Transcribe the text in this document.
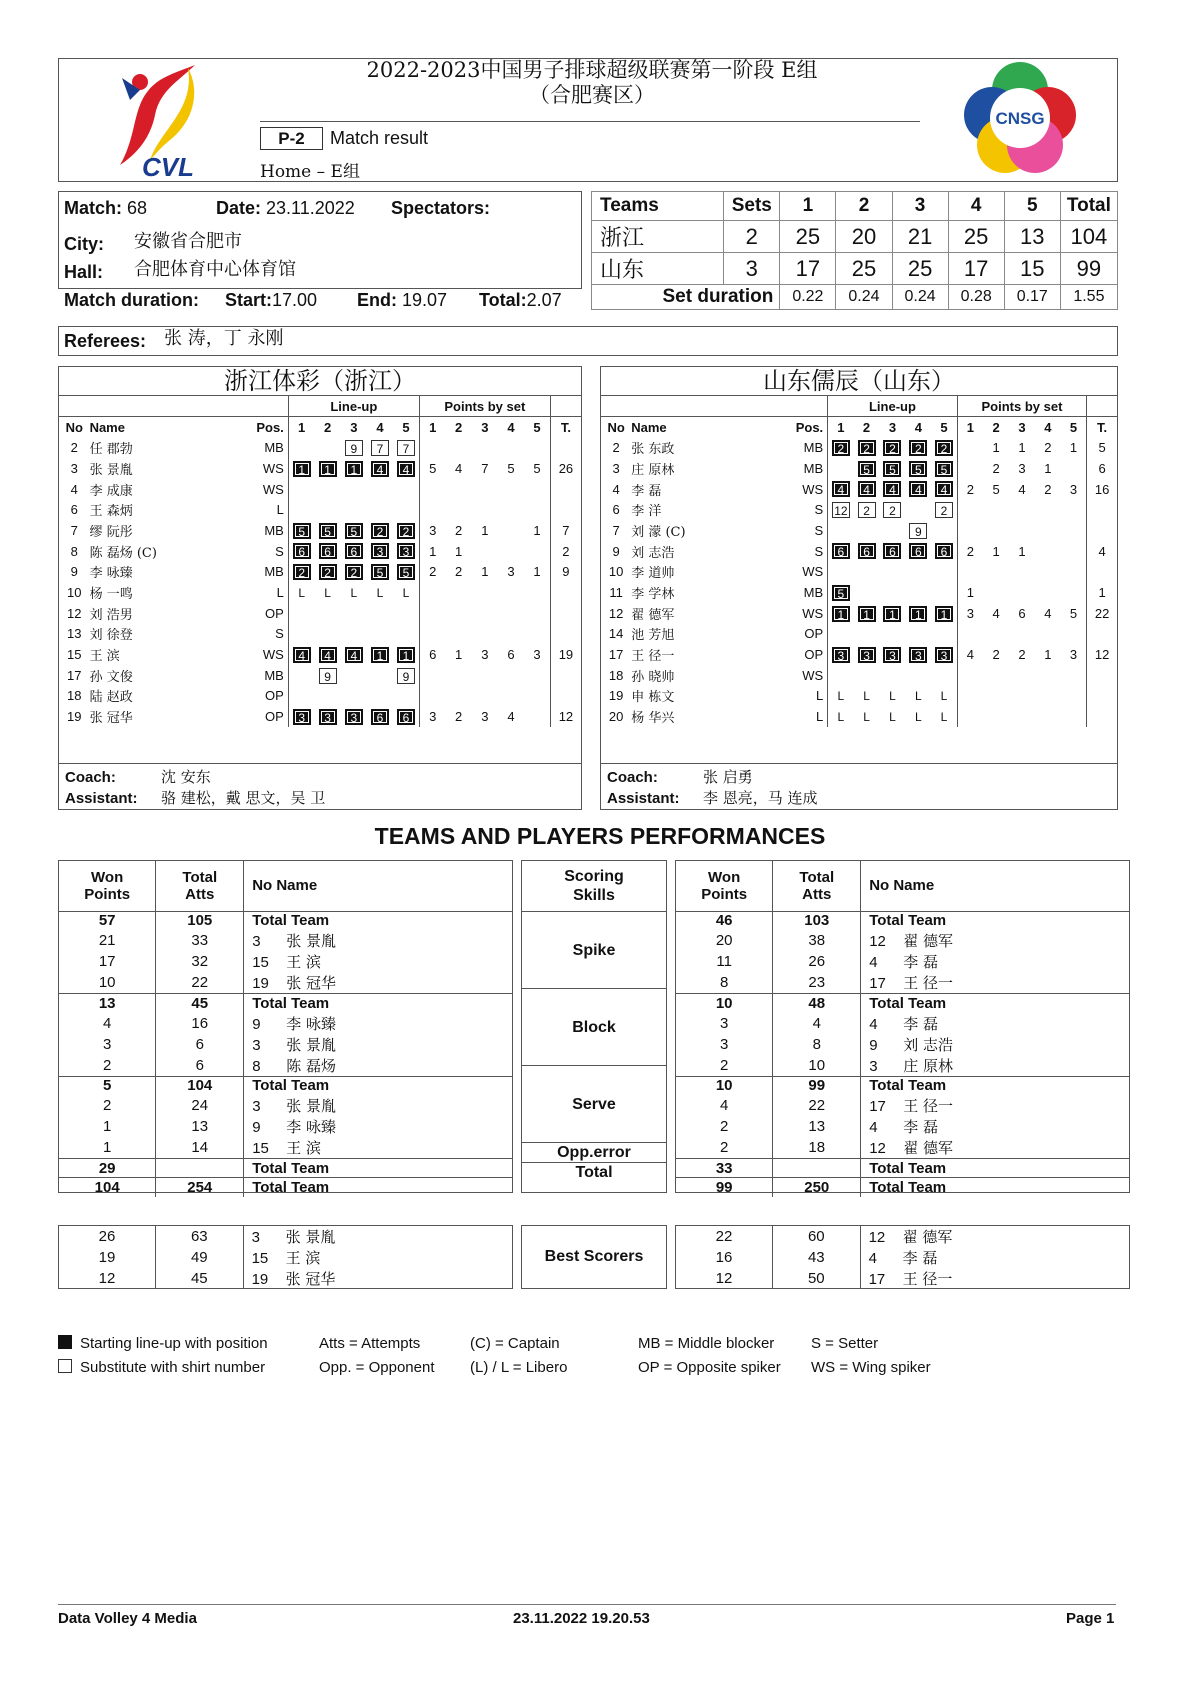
CVL
2022-2023中国男子排球超级联赛第一阶段 E组
（合肥赛区）
P-2	Match result
Home – E组
CNSG
Match: 68	Date: 23.11.2022 Spectators:
City: 安徽省合肥市
Hall: 合肥体育中心体育馆
Match duration: Start:17.00 End: 19.07 Total:2.07
Teams	Sets	1	2	3	4	5	Total
浙江	2	25	20	21	25	13	104
山东	3	17	25	25	17	15	99
Set duration		0.22	0.24	0.24	0.28	0.17	1.55
Referees: 张 涛，丁 永刚
浙江体彩（浙江）
			Line-up					Points by set					
No	Name	Pos.	1	2	3	4	5	1	2	3	4	5	T.
2	任 郡勃	MB			9	7	7						
3	张 景胤	WS	1	1	1	4	4	5	4	7	5	5	26
4	李 成康	WS											
6	王 森炳	L											
7	缪 阮彤	MB	5	5	5	2	2	3	2	1		1	7
8	陈 磊炀 (C)	S	6	6	6	3	3	1	1				2
9	李 咏臻	MB	2	2	2	5	5	2	2	1	3	1	9
10	杨 一鸣	L	L	L	L	L	L						
12	刘 浩男	OP											
13	刘 徐登	S											
15	王 滨	WS	4	4	4	1	1	6	1	3	6	3	19
17	孙 文俊	MB		9			9						
18	陆 赵政	OP											
19	张 冠华	OP	3	3	3	6	6	3	2	3	4		12
Coach:	沈 安东
Assistant: 骆 建松，戴 思文，吴 卫
山东儒辰（山东）
			Line-up					Points by set					
No	Name	Pos.	1	2	3	4	5	1	2	3	4	5	T.
2	张 东政	MB	2	2	2	2	2		1	1	2	1	5
3	庄 原林	MB		5	5	5	5		2	3	1		6
4	李 磊	WS	4	4	4	4	4	2	5	4	2	3	16
6	李 洋	S	12	2	2		2						
7	刘 濛 (C)	S				9							
9	刘 志浩	S	6	6	6	6	6	2	1	1			4
10	李 道帅	WS											
11	李 学林	MB	5					1					1
12	翟 德军	WS	1	1	1	1	1	3	4	6	4	5	22
14	池 芳旭	OP											
17	王 径一	OP	3	3	3	3	3	4	2	2	1	3	12
18	孙 晓帅	WS											
19	申 栋文	L	L	L	L	L	L						
20	杨 华兴	L	L	L	L	L	L						
Coach:	张 启勇
Assistant: 李 恩亮，马 连成
TEAMS AND PLAYERS PERFORMANCES
Won Points	Total Atts	No Name
57	105	Total Team
21	33	3 张 景胤
17	32	15 王 滨
10	22	19 张 冠华
13	45	Total Team
4	16	9 李 咏臻
3	6	3 张 景胤
2	6	8 陈 磊炀
5	104	Total Team
2	24	3 张 景胤
1	13	9 李 咏臻
1	14	15 王 滨
29		Total Team
104	254	Total Team
Scoring Skills
Spike
Block
Serve
Opp.error
Total
Won Points	Total Atts	No Name
46	103	Total Team
20	38	12 翟 德军
11	26	4 李 磊
8	23	17 王 径一
10	48	Total Team
3	4	4 李 磊
3	8	9 刘 志浩
2	10	3 庄 原林
10	99	Total Team
4	22	17 王 径一
2	13	4 李 磊
2	18	12 翟 德军
33		Total Team
99	250	Total Team
26	63	3 张 景胤
19	49	15 王 滨
12	45	19 张 冠华
Best Scorers
22	60	12 翟 德军
16	43	4 李 磊
12	50	17 王 径一
Starting line-up with position
Substitute with shirt number
Atts = Attempts
Opp. = Opponent
(C) = Captain
(L) / L = Libero
MB = Middle blocker
OP = Opposite spiker
S = Setter
WS = Wing spiker
Data Volley 4 Media	23.11.2022 19.20.53	Page 1
